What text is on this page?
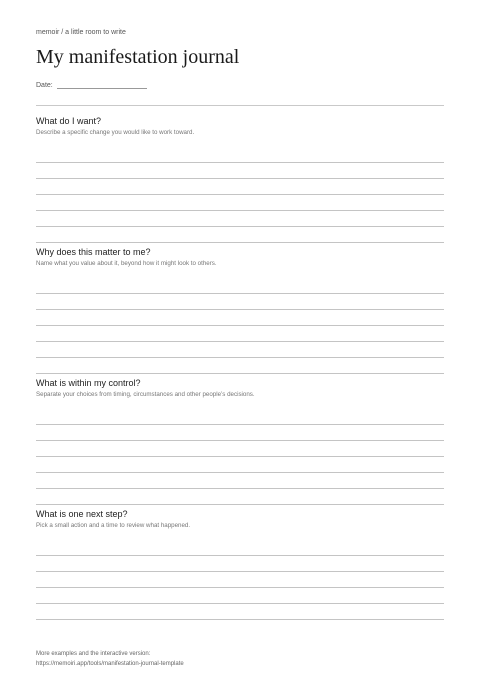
memoir / a little room to write
My manifestation journal
Date:
What do I want?
Describe a specific change you would like to work toward.
Why does this matter to me?
Name what you value about it, beyond how it might look to others.
What is within my control?
Separate your choices from timing, circumstances and other people’s decisions.
What is one next step?
Pick a small action and a time to review what happened.
More examples and the interactive version:
https://memoiri.app/tools/manifestation-journal-template
